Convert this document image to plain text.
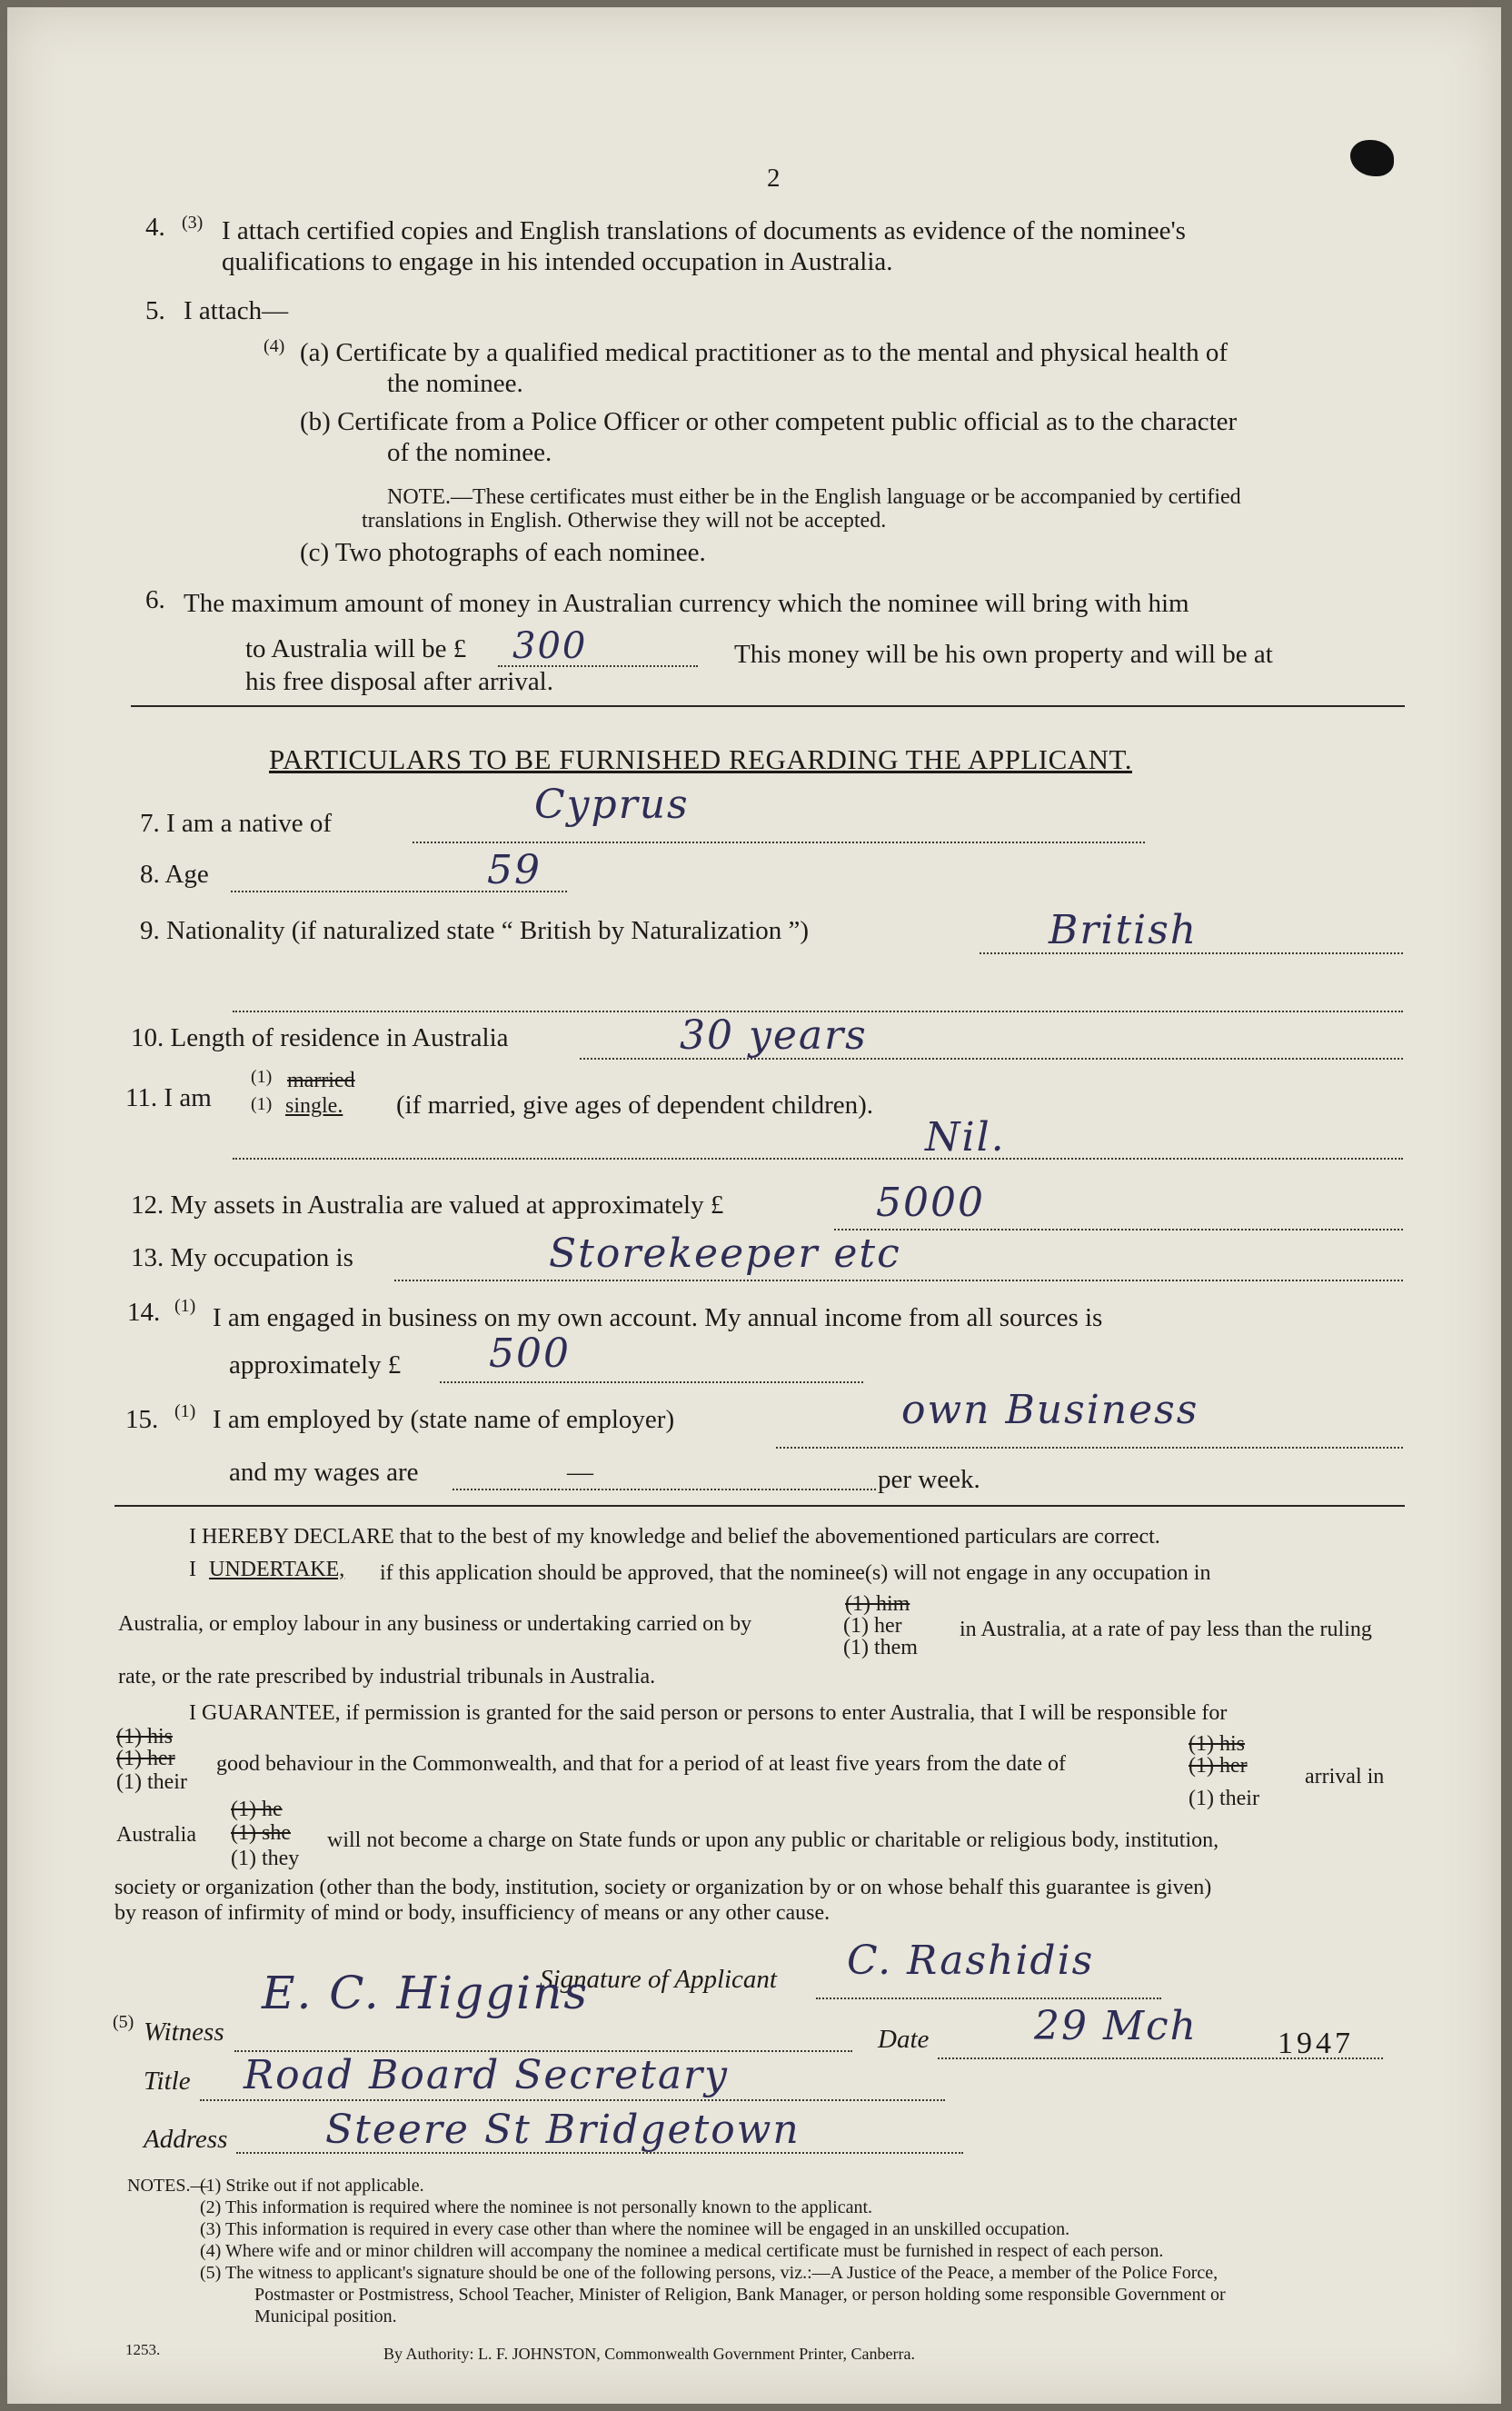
2
4. (3) I attach certified copies and English translations of documents as evidence of the nominee's
qualifications to engage in his intended occupation in Australia.
5. I attach—
(4) (a) Certificate by a qualified medical practitioner as to the mental and physical health of
the nominee.
(b) Certificate from a Police Officer or other competent public official as to the character
of the nominee.
NOTE.—These certificates must either be in the English language or be accompanied by certified
translations in English. Otherwise they will not be accepted.
(c) Two photographs of each nominee.
6. The maximum amount of money in Australian currency which the nominee will bring with him
to Australia will be £ 300	This money will be his own property and will be at
his free disposal after arrival.
PARTICULARS TO BE FURNISHED REGARDING THE APPLICANT.
7. I am a native of	Cyprus
8. Age	59
9. Nationality (if naturalized state “ British by Naturalization ”)	British
10. Length of residence in Australia	30 years
11. I am
(1) married
(1) single. (if married, give ages of dependent children).
Nil.
12. My assets in Australia are valued at approximately £	5000
13. My occupation is	Storekeeper etc
14. (1) I am engaged in business on my own account. My annual income from all sources is
approximately £ 500
15. (1) I am employed by (state name of employer)	own Business
and my wages are	—	per week.
I HEREBY DECLARE that to the best of my knowledge and belief the abovementioned particulars are correct.
I UNDERTAKE, if this application should be approved, that the nominee(s) will not engage in any occupation in
(1) him
Australia, or employ labour in any business or undertaking carried on by	(1) her	in Australia, at a rate of pay less than the ruling
(1) them
rate, or the rate prescribed by industrial tribunals in Australia.
I GUARANTEE, if permission is granted for the said person or persons to enter Australia, that I will be responsible for
(1) his
(1) her
(1) their
good behaviour in the Commonwealth, and that for a period of at least five years from the date of
(1) his
(1) her
(1) their
arrival in
Australia
(1) he
(1) she
(1) they
will not become a charge on State funds or upon any public or charitable or religious body, institution,
society or organization (other than the body, institution, society or organization by or on whose behalf this guarantee is given)
by reason of infirmity of mind or body, insufficiency of means or any other cause.
Signature of Applicant C. Rashidis
(5) Witness
E. C. Higgins
Date	29 Mch	1947
Title Road Board Secretary
Address Steere St Bridgetown
NOTES.—
(1) Strike out if not applicable.
(2) This information is required where the nominee is not personally known to the applicant.
(3) This information is required in every case other than where the nominee will be engaged in an unskilled occupation.
(4) Where wife and or minor children will accompany the nominee a medical certificate must be furnished in respect of each person.
(5) The witness to applicant's signature should be one of the following persons, viz.:—A Justice of the Peace, a member of the Police Force,
Postmaster or Postmistress, School Teacher, Minister of Religion, Bank Manager, or person holding some responsible Government or
Municipal position.
1253.	By Authority: L. F. JOHNSTON, Commonwealth Government Printer, Canberra.
